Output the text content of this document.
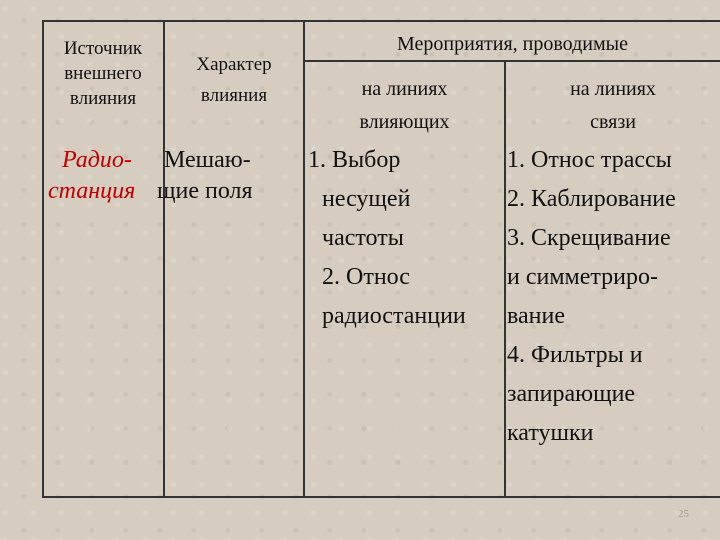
Источник
внешнего
влияния
Характер
влияния
Мероприятия, проводимые
на линиях
влияющих
на линиях
связи
Радио-
станция
Мешаю-
щие поля
1. Выбор
несущей
частоты
2. Относ
радиостанции
1. Относ трассы
2. Каблирование
3. Скрещивание
и симметриро-
вание
4. Фильтры и
запирающие
катушки
25
